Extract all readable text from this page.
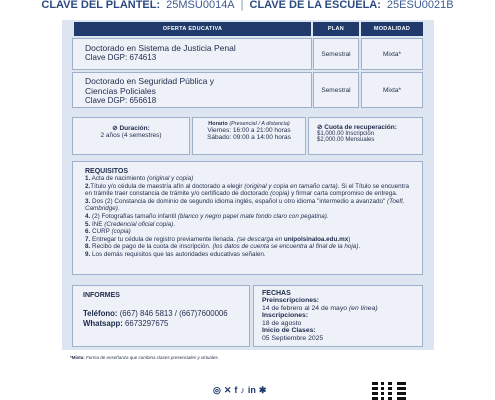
CLAVE DEL PLANTEL: 25MSU0014A | CLAVE DE LA ESCUELA: 25ESU0021B
OFERTA EDUCATIVA	PLAN	MODALIDAD
Doctorado en Sistema de Justicia Penal
Clave DGP: 674613	Semestral	Mixta*
Doctorado en Seguridad Pública y
Ciencias Policiales
Clave DGP: 656618
Semestral	Mixta*
⊘ Duración:
2 años (4 semestres)
Horario (Presencial / A distancia)
Viernes: 16:00 a 21:00 horas
Sábado: 09:00 a 14:00 horas
⊘ Cuota de recuperación:
$1,000.00 Inscripción
$2,000.00 Mensuales
REQUISITOS
1. Acta de nacimiento (original y copia)
2.Título y/o cédula de maestría afín al doctorado a elegir (original y copia en tamaño carta). Si el Título se encuentra en trámite traer constancia de trámite y/o certificado de doctorado (copia) y firmar carta compromiso de entrega.
3. Dos (2) Constancia de dominio de segundo idioma inglés, español u otro idioma "intermedio a avanzado" (Toefl, Cambridge).
4. (2) Fotografías tamaño infantil (blanco y negro papel mate fondo claro con pegatina).
5. INE (Credencial oficial copia).
6. CURP (copia)
7. Entregar tu cédula de registro previamente llenada. (se descarga en unipolsinaloa.edu.mx)
8. Recibo de pago de la cuota de inscripción. (los datos de cuenta se encuentra al final de la hoja).
9. Los demás requisitos que las autoridades educativas señalen.
INFORMES
Teléfono: (667) 846 5813 / (667)7600006
Whatsapp: 6673297675
FECHAS
Preinscripciones:
14 de febrero al 24 de mayo (en línea)
Inscripciones:
18 de agosto
Inicio de Clases:
05 Septiembre 2025
*Mixta: Forma de enseñanza que combina clases presenciales y virtuales.
◎ ✕ f ♪ in ✱
